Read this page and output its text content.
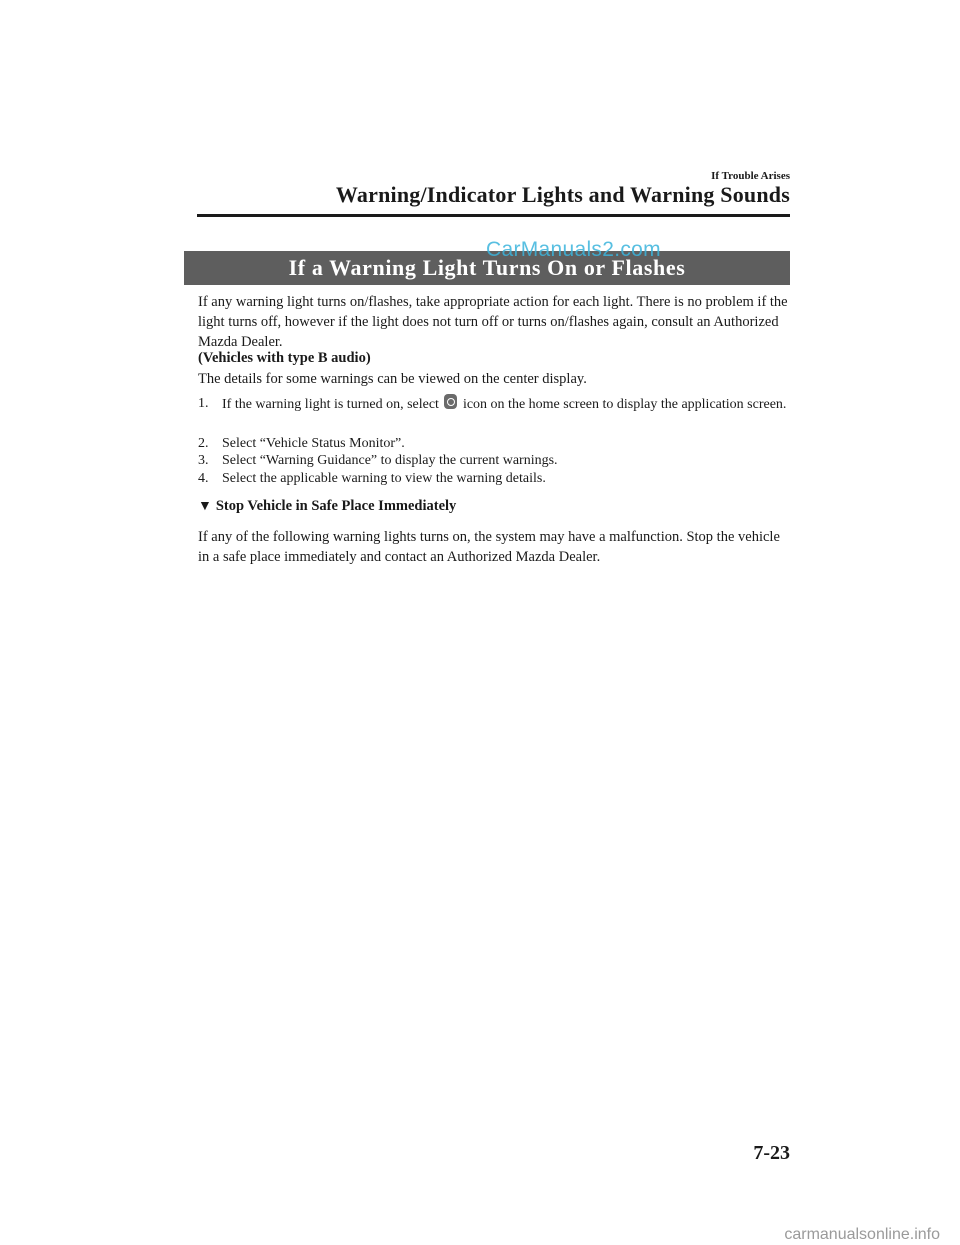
If Trouble Arises
Warning/Indicator Lights and Warning Sounds
If a Warning Light Turns On or Flashes
CarManuals2.com
If any warning light turns on/flashes, take appropriate action for each light. There is no problem if the light turns off, however if the light does not turn off or turns on/flashes again, consult an Authorized Mazda Dealer.
(Vehicles with type B audio)
The details for some warnings can be viewed on the center display.
1. If the warning light is turned on, select icon on the home screen to display the application screen.
2. Select “Vehicle Status Monitor”.
3. Select “Warning Guidance” to display the current warnings.
4. Select the applicable warning to view the warning details.
▼ Stop Vehicle in Safe Place Immediately
If any of the following warning lights turns on, the system may have a malfunction. Stop the vehicle in a safe place immediately and contact an Authorized Mazda Dealer.
7-23
carmanualsonline.info
